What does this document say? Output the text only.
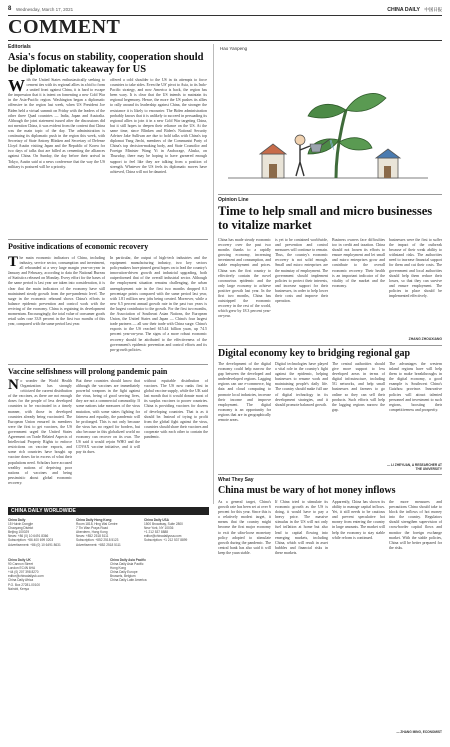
8 Wednesday, March 17, 2021	CHINA DAILY 中国日报
COMMENT
Editorials
Asia's focus on stability, cooperation should be diplomatic takeaway for US
With the United States enthusiastically seeking to cement ties with its regional allies in a bid to form a united front against China, it is hard to escape the impression that it is intent on fomenting a new Cold War in the Asia-Pacific region. Washington began a diplomatic offensive in the region last week, when US President Joe Biden held a virtual summit on Friday with the leaders of the other three Quad countries — India, Japan and Australia. Although the joint statement issued after the discussions did not mention China, it was evident from the content that China was the main topic of the day. The administration is continuing its diplomatic push in the region this week, with Secretary of State Antony Blinken and Secretary of Defense Lloyd Austin visiting Japan and the Republic of Korea for two days of talks that are billed as cementing the alliances against China. On Sunday, the day before their arrival in Tokyo, Austin said at a news conference that the way the US military is postured will be a priority.
offered a cold shoulder to the US in its attempts to force countries to take sides. Even the US' pivot to Asia, to its Indo-Pacific strategy, and now America is back, the region has been wary. It is clear that the US intends to maintain its regional hegemony. Hence, the more the US pushes its allies to rally around its leadership against China, the stronger the resistance it is likely to encounter. The Biden administration probably knows that it is unlikely to succeed in persuading its regional allies to join it in a new Cold War targeting China, but it still hopes to deepen their reliance on the US. At the same time, since Blinken and Biden's National Security Adviser Jake Sullivan are due to hold talks with China's top diplomat Yang Jiechi, members of the Communist Party of China's top decision-making body, and State Councilor and Foreign Minister Wang Yi in Anchorage, Alaska, on Thursday, there may be hoping to have garnered enough support to feel like they are talking from a position of strength. Whatever the US feels its diplomatic moves have achieved, China will not be daunted.
Positive indications of economic recovery
The main economic indicators of China, including industry, service sector, consumption and investment, all rebounded at a very large margin year-on-year in January and February, according to data the National Bureau of Statistics released on Monday. Every effort for the bases of the same period is last year are taken into consideration, it is clear that the main indicators of the economy have still maintained steady growth from the pre-pandemic level. The surge in the economic rebound shows China's efforts to balance epidemic prevention and control work with the reviving of the economy. China is regaining its development momentum. Encouragingly, the total value of consumer goods retail sales rose 33.8 percent in the first two months of this year, compared with the same period last year.
In particular, the output of high-tech industries and the equipment manufacturing industry, two key sectors policymakers have pinned great hopes on to lead the country's innovation-driven growth and industrial upgrading, both outperformed that of the overall industrial sector. Although the employment situation remains challenging, the urban unemployment rate in the first two months dropped 0.3 percentage points compared with the same period last year, with 1.81 million new jobs being created. Moreover, while a new 6.5 percent annual growth rate in the past two years is the largest contributor to the growth. For the first two months, the Association of Southeast Asian Nations, the European Union, the United States and Japan — China's four largest trade partners — all saw their trade with China surge. China's exports to the US reached 615.44 billion yuan, up 74.5 percent year-on-year. The signs of a more robust economic recovery should be attributed to the effectiveness of the government's epidemic prevention and control efforts and its pro-growth policies.
Vaccine selfishness will prolong pandemic pain
No wonder the World Health Organization has strongly criticized the current distribution of the vaccines, as there are not enough doses for the people of less developed countries to be vaccinated in a timely manner, with those in developed countries already being vaccinated. The European Union ensured its members were the first to get vaccines, the US government urged the United States Agreement on Trade Related Aspects of Intellectual Property Rights to enforce restrictions on vaccine exports, and some rich countries have bought up vaccine doses far in excess of what their populations need. Scholars have accused wealthy nations of depriving poor nations of vaccines and being pessimistic about global economic recovery.
But these countries should know that although the vaccines are immediately powerful weapons in the fight against the virus, being of good serving lives, they are not a commercial commodity. If some nations take measures of the virus mutation, with some states fighting for fairness and equality, the pandemic will be prolonged. This is not only because the virus has no regard for borders, but also because in this globalized world no economy can recover on its own. The US said it would rejoin WHO and the COVAX vaccine initiative, and it will pay its dues.
without equitable distribution of vaccines. The US now ranks first in global vaccine supply, while the UK said last month that it would donate most of its surplus vaccines to poorer countries. China is providing vaccines for dozens of developing countries. That is as it should be. Instead of trying to profit from the global fight against the virus, countries should share their vaccines and cooperate with each other to contain the pandemic.
Hao Yanpeng
Opinion Line
Time to help small and micro businesses to vitalize market
China has made steady economic recovery over the past two months thanks to a rapidly growing economy, increasing investment and consumption, and stable employment and prices. China was the first country to effectively contain the novel coronavirus epidemic and the only large economy to achieve positive growth last year. In the first two months, China has outstripped the economic recovery in the rest of the world, which grew by 18.3 percent year-on-year.
is yet to be contained worldwide, and prevention and control measures will continue to remain. Thus, the country's economic recovery is not solid enough. Small and micro enterprises are the mainstay of employment. The government should implement policies to protect their interests, and increase support for their businesses, in order to help lower their costs and improve their operation.
Business owners face difficulties too in credit and taxation. China should not loosen its efforts to ensure employment and let small and micro enterprises grow and contribute to the overall economic recovery. Their health is an important indicator of the vitality of the market and the economy.
businesses were the first to suffer the impact of the outbreak because of their weak ability to withstand risks. The authorities need to increase financial support for them and cut their costs. The government and local authorities should help them reduce their losses, so that they can survive and ensure employment. The policies in place should be implemented effectively.
ZHANG ZHOUXIANG
Digital economy key to bridging regional gap
The development of the digital economy could help narrow the gap between the developed and underdeveloped regions. Lagging regions can use e-commerce, big data and cloud computing to promote local industries, increase their income and improve employment. The digital economy is an opportunity for regions that are in geographically remote areas.
Digital technologies have played a vital role in the country's fight against the epidemic, helping businesses to resume work and maintaining people's daily life. The country should make full use of digital technology in its development strategies, and it should promote balanced growth.
The central authorities should give more support to less developed areas in terms of digital infrastructure, including 5G networks, and help small businesses and farmers to go online so they can sell their products. Such efforts will help the lagging regions narrow the gap.
The advantages the western inland regions have will help them to make breakthroughs in the digital economy, a good example is Southwest China's Guizhou province. Innovative policies will attract talented personnel and investment to such regions, boosting their competitiveness and prosperity.
— LI ZHEYUAN, A RESEARCHER AT THE UNIVERSITY
What They Say
China must be wary of hot money inflows
As a general target, China's growth rate has been set at over 6 percent for this year. Since this is a relatively modest target, it means that the country might become the first major economy to exit the ultra-loose monetary policy adopted to stimulate growth during the pandemic. The central bank has also said it will keep the yuan stable.
If China tried to stimulate its economic growth as the US is doing, it would have to pay a heavy price. The massive stimulus in the US will not only fuel inflation at home but also lead to capital flowing into emerging markets, including China, which will result in asset bubbles and financial risks in these markets.
Apparently, China has shown its ability to manage capital inflows. Yet, it still needs to be cautious and prevent speculative hot money from entering the country in large amounts. The market will help the economy to stay stable while reform is continued.
the more measures and precautions China should take to block the inflows of hot money into the country. Regulators should strengthen supervision of cross-border capital flows and monitor the foreign exchange market. With the stable policies, China will be better prepared for the risks.
— ZHANG MING, ECONOMIST
CHINA DAILY WORLDWIDE
China Daily
15 Huixin Dongjie
Chaoyang District
Beijing 100029
News: +86 (0) 10 6491 8366
Subscription: +86 400 699 0203
Advertisement: +86 (0) 10 6491 8631
China Daily Hong Kong
Room 1818, Hing Wai Centre
7 Tin Wan Praya Road
Aberdeen, Hong Kong
News: +852 2518 5111
Subscription: +852 2518 5123
Advertisement: +852 2518 5111
China Daily USA
1500 Broadway, Suite 2800
New York, NY 10036
+1 212 537 8888
editor@chinadailyusa.com
Subscription: +1 212 537 8899
China Daily UK
90 Cannon Street
London EC4N 6HA
+44 (0) 207 398 8270
editor@chinadailyuk.com
China Daily Africa
P.O. Box 27281-00100
Nairobi, Kenya
China Daily Asia Pacific
China Daily Asia Pacific
Hong Kong
China Daily Europe
Brussels, Belgium
China Daily Latin America
